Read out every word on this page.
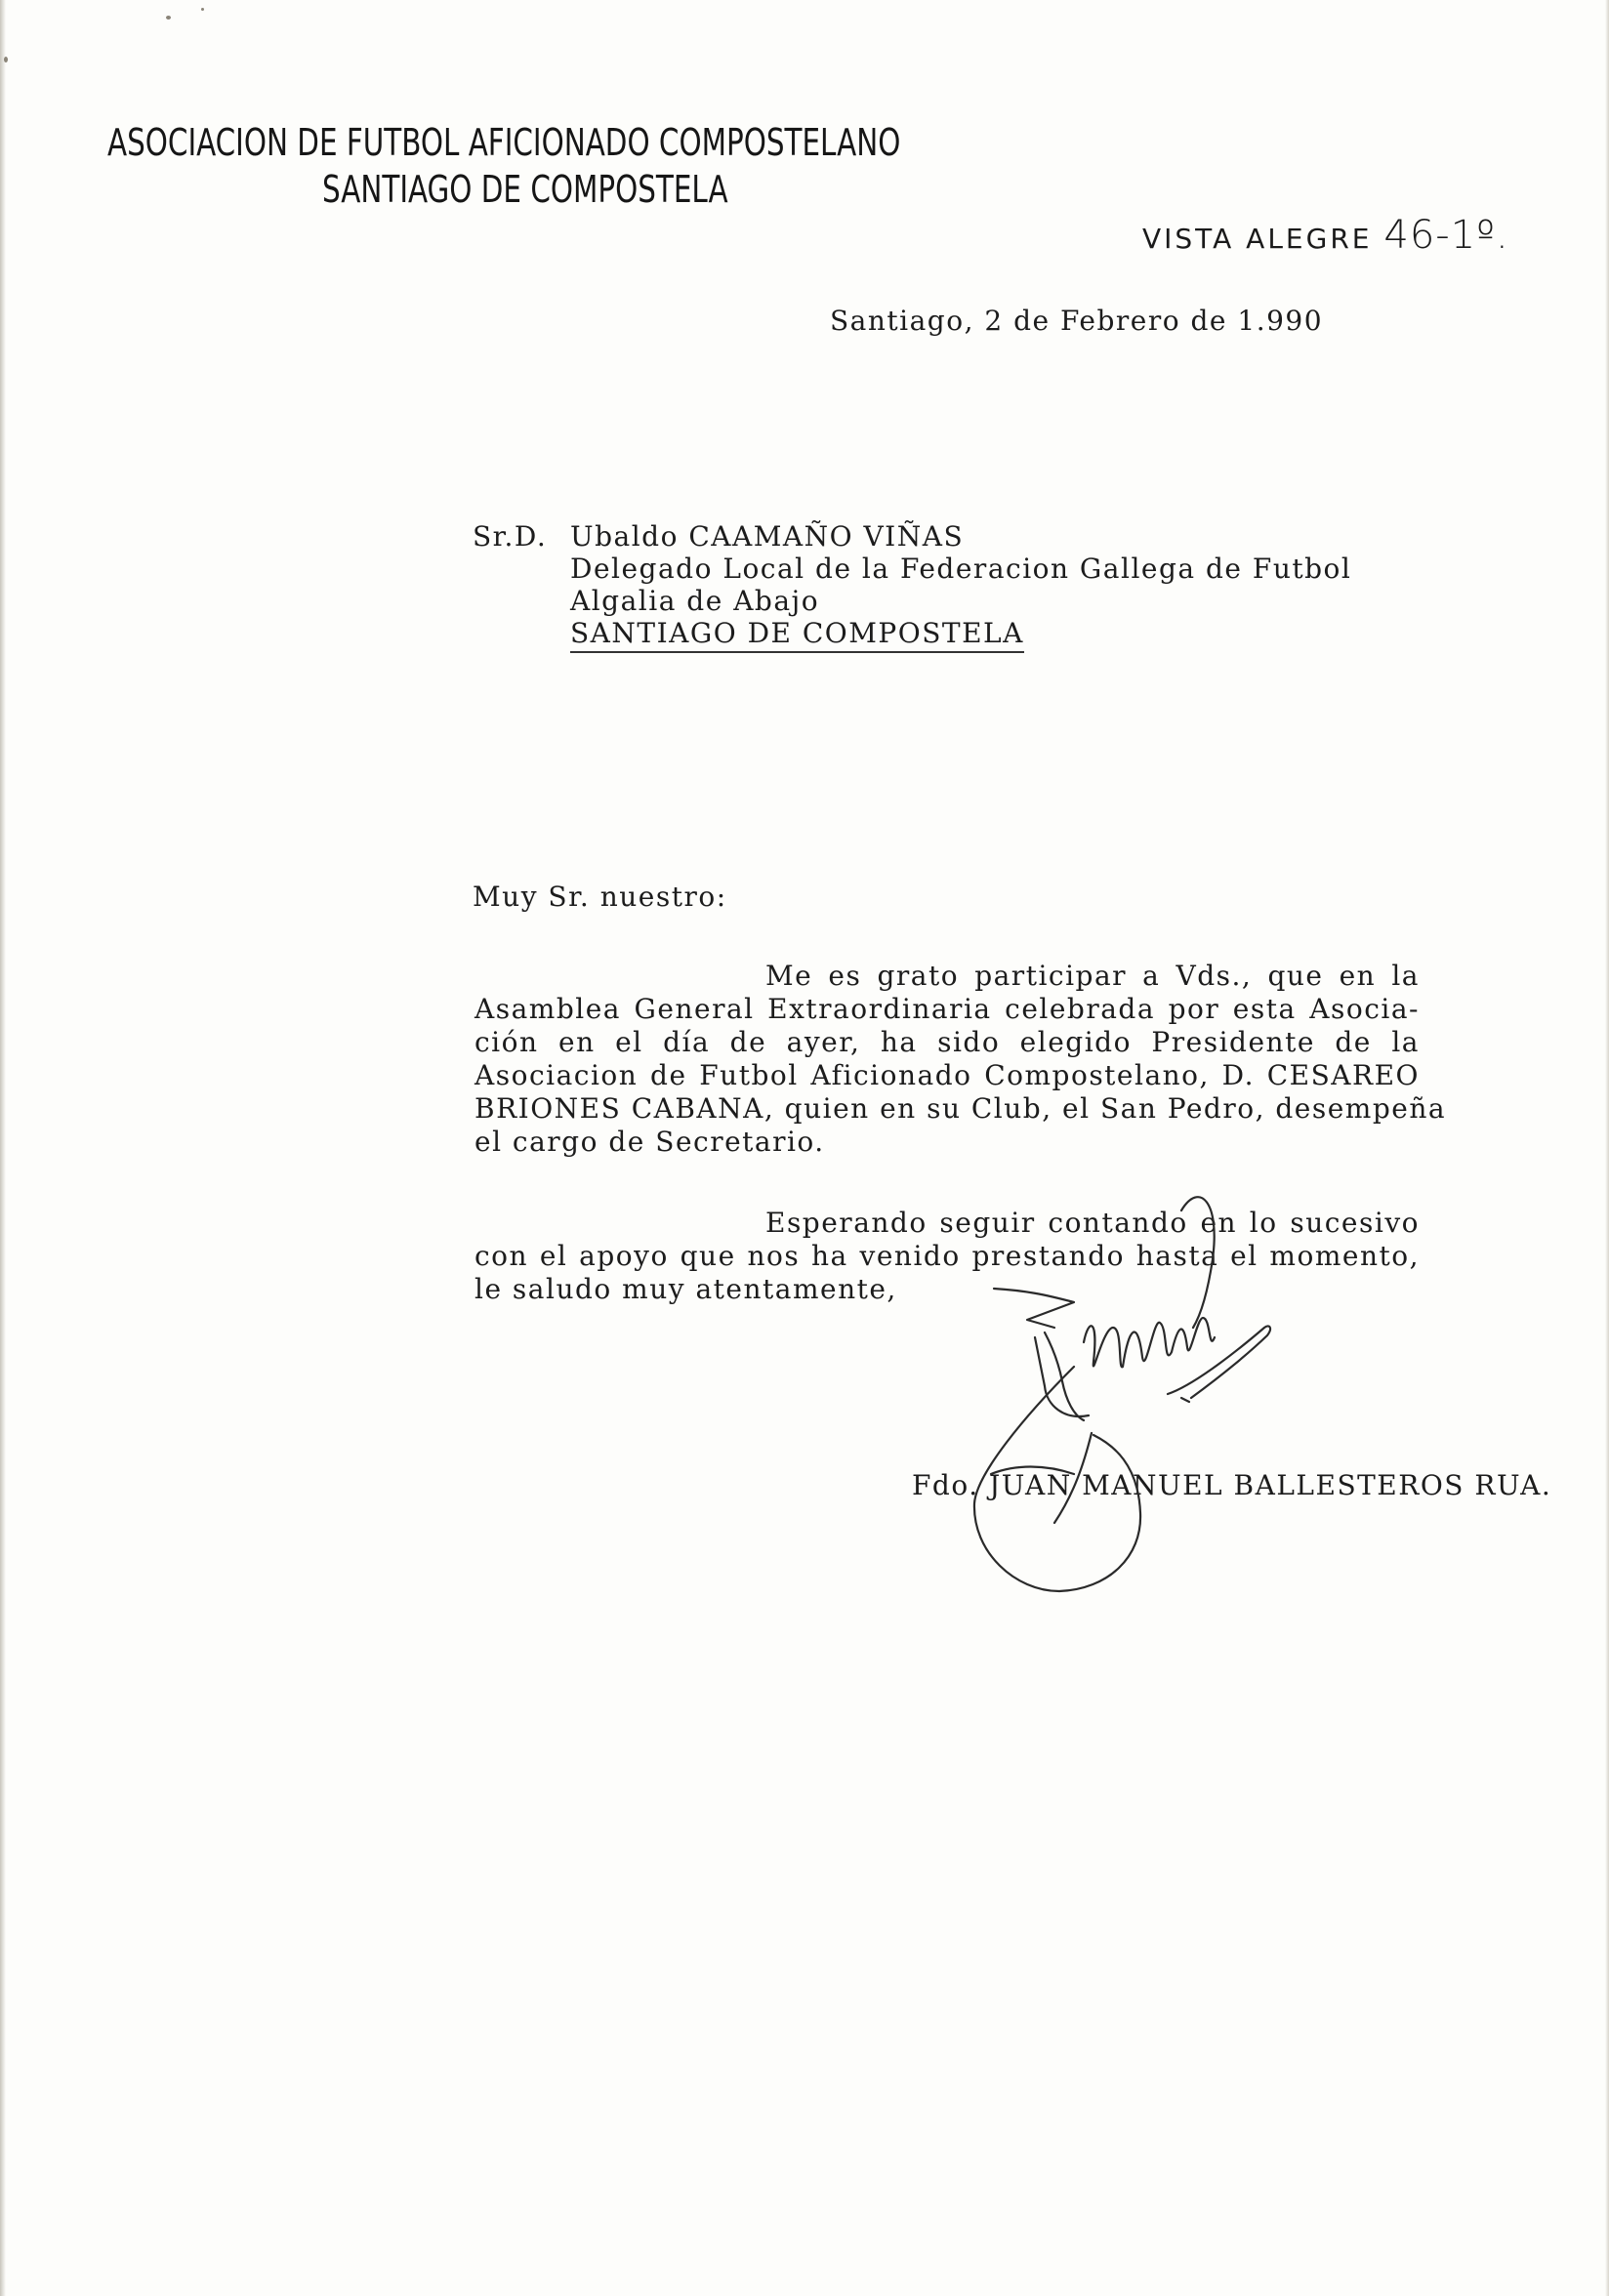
ASOCIACION DE FUTBOL AFICIONADO COMPOSTELANO
SANTIAGO DE COMPOSTELA
VISTA ALEGRE 46-1º.
Santiago, 2 de Febrero de 1.990
Sr.D. Ubaldo CAAMAÑO VIÑAS
Delegado Local de la Federacion Gallega de Futbol
Algalia de Abajo
SANTIAGO DE COMPOSTELA
Muy Sr. nuestro:
Me es grato participar a Vds., que en la
Asamblea General Extraordinaria celebrada por esta Asocia-
ción en el día de ayer, ha sido elegido Presidente de la
Asociacion de Futbol Aficionado Compostelano, D. CESAREO
BRIONES CABANA, quien en su Club, el San Pedro, desempeña
el cargo de Secretario.
Esperando seguir contando en lo sucesivo
con el apoyo que nos ha venido prestando hasta el momento,
le saludo muy atentamente,
Fdo. JUAN MANUEL BALLESTEROS RUA.
